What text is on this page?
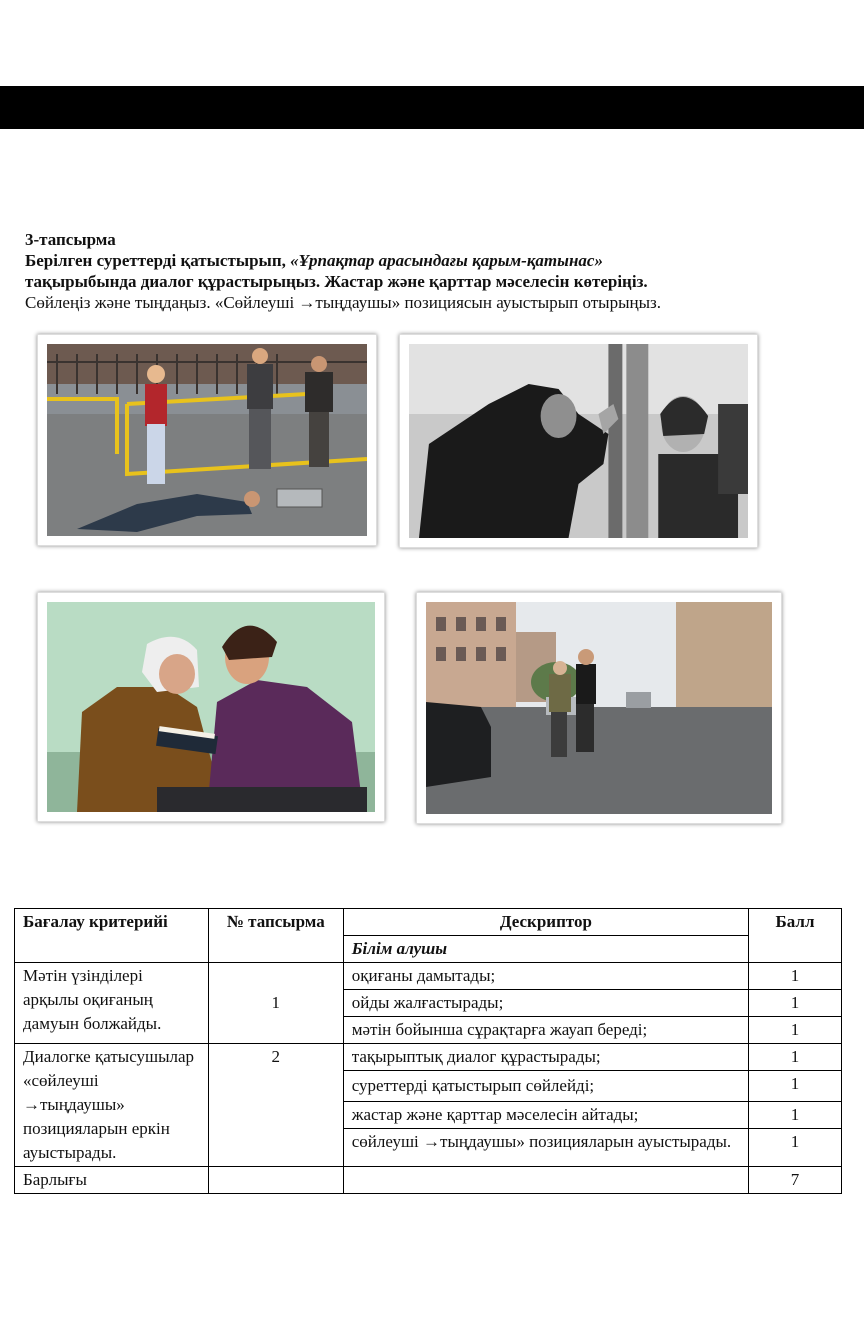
3-тапсырма
Берілген суреттерді қатыстырып, «Ұрпақтар арасындағы қарым-қатынас»
тақырыбында диалог құрастырыңыз. Жастар және қарттар мәселесін көтеріңіз.
Сөйлеңіз және тыңдаңыз. «Сөйлеуші →тыңдаушы» позициясын ауыстырып отырыңыз.
Бағалау критерийі	№ тапсырма	Дескриптор	Балл
		Білім алушы	
Мәтін үзінділері арқылы оқиғаның дамуын болжайды.	1	оқиғаны дамытады;	1
		ойды жалғастырады;	1
		мәтін бойынша сұрақтарға жауап береді;	1
Диалогке қатысушылар «сөйлеуші →тыңдаушы» позицияларын еркін ауыстырады.	2	тақырыптық диалог құрастырады;	1
		суреттерді қатыстырып сөйлейді;	1
		жастар және қарттар мәселесін айтады;	1
		сөйлеуші →тыңдаушы» позицияларын ауыстырады.	1
Барлығы			7
